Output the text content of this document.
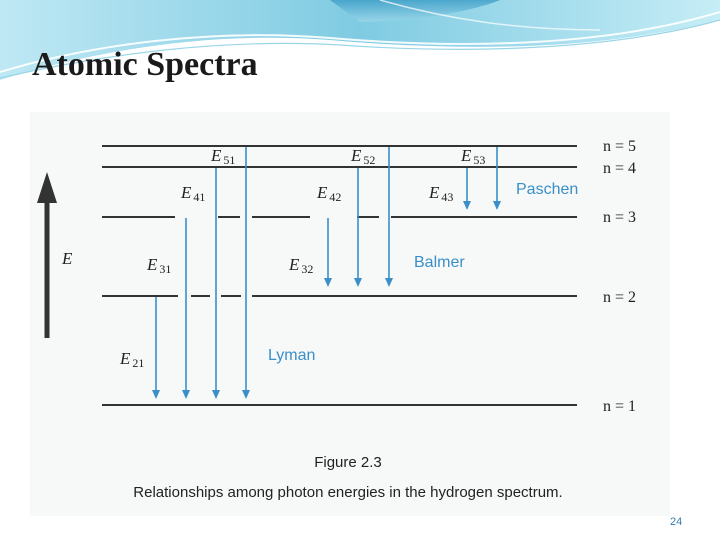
Atomic Spectra
E
n = 5
n = 4
n = 3
n = 2
n = 1
E 21
E 31
E 41
E 51
E 32
E 42
E 52
E 43
E 53
Lyman
Balmer
Paschen
Figure 2.3
Relationships among photon energies in the hydrogen spectrum.
24
